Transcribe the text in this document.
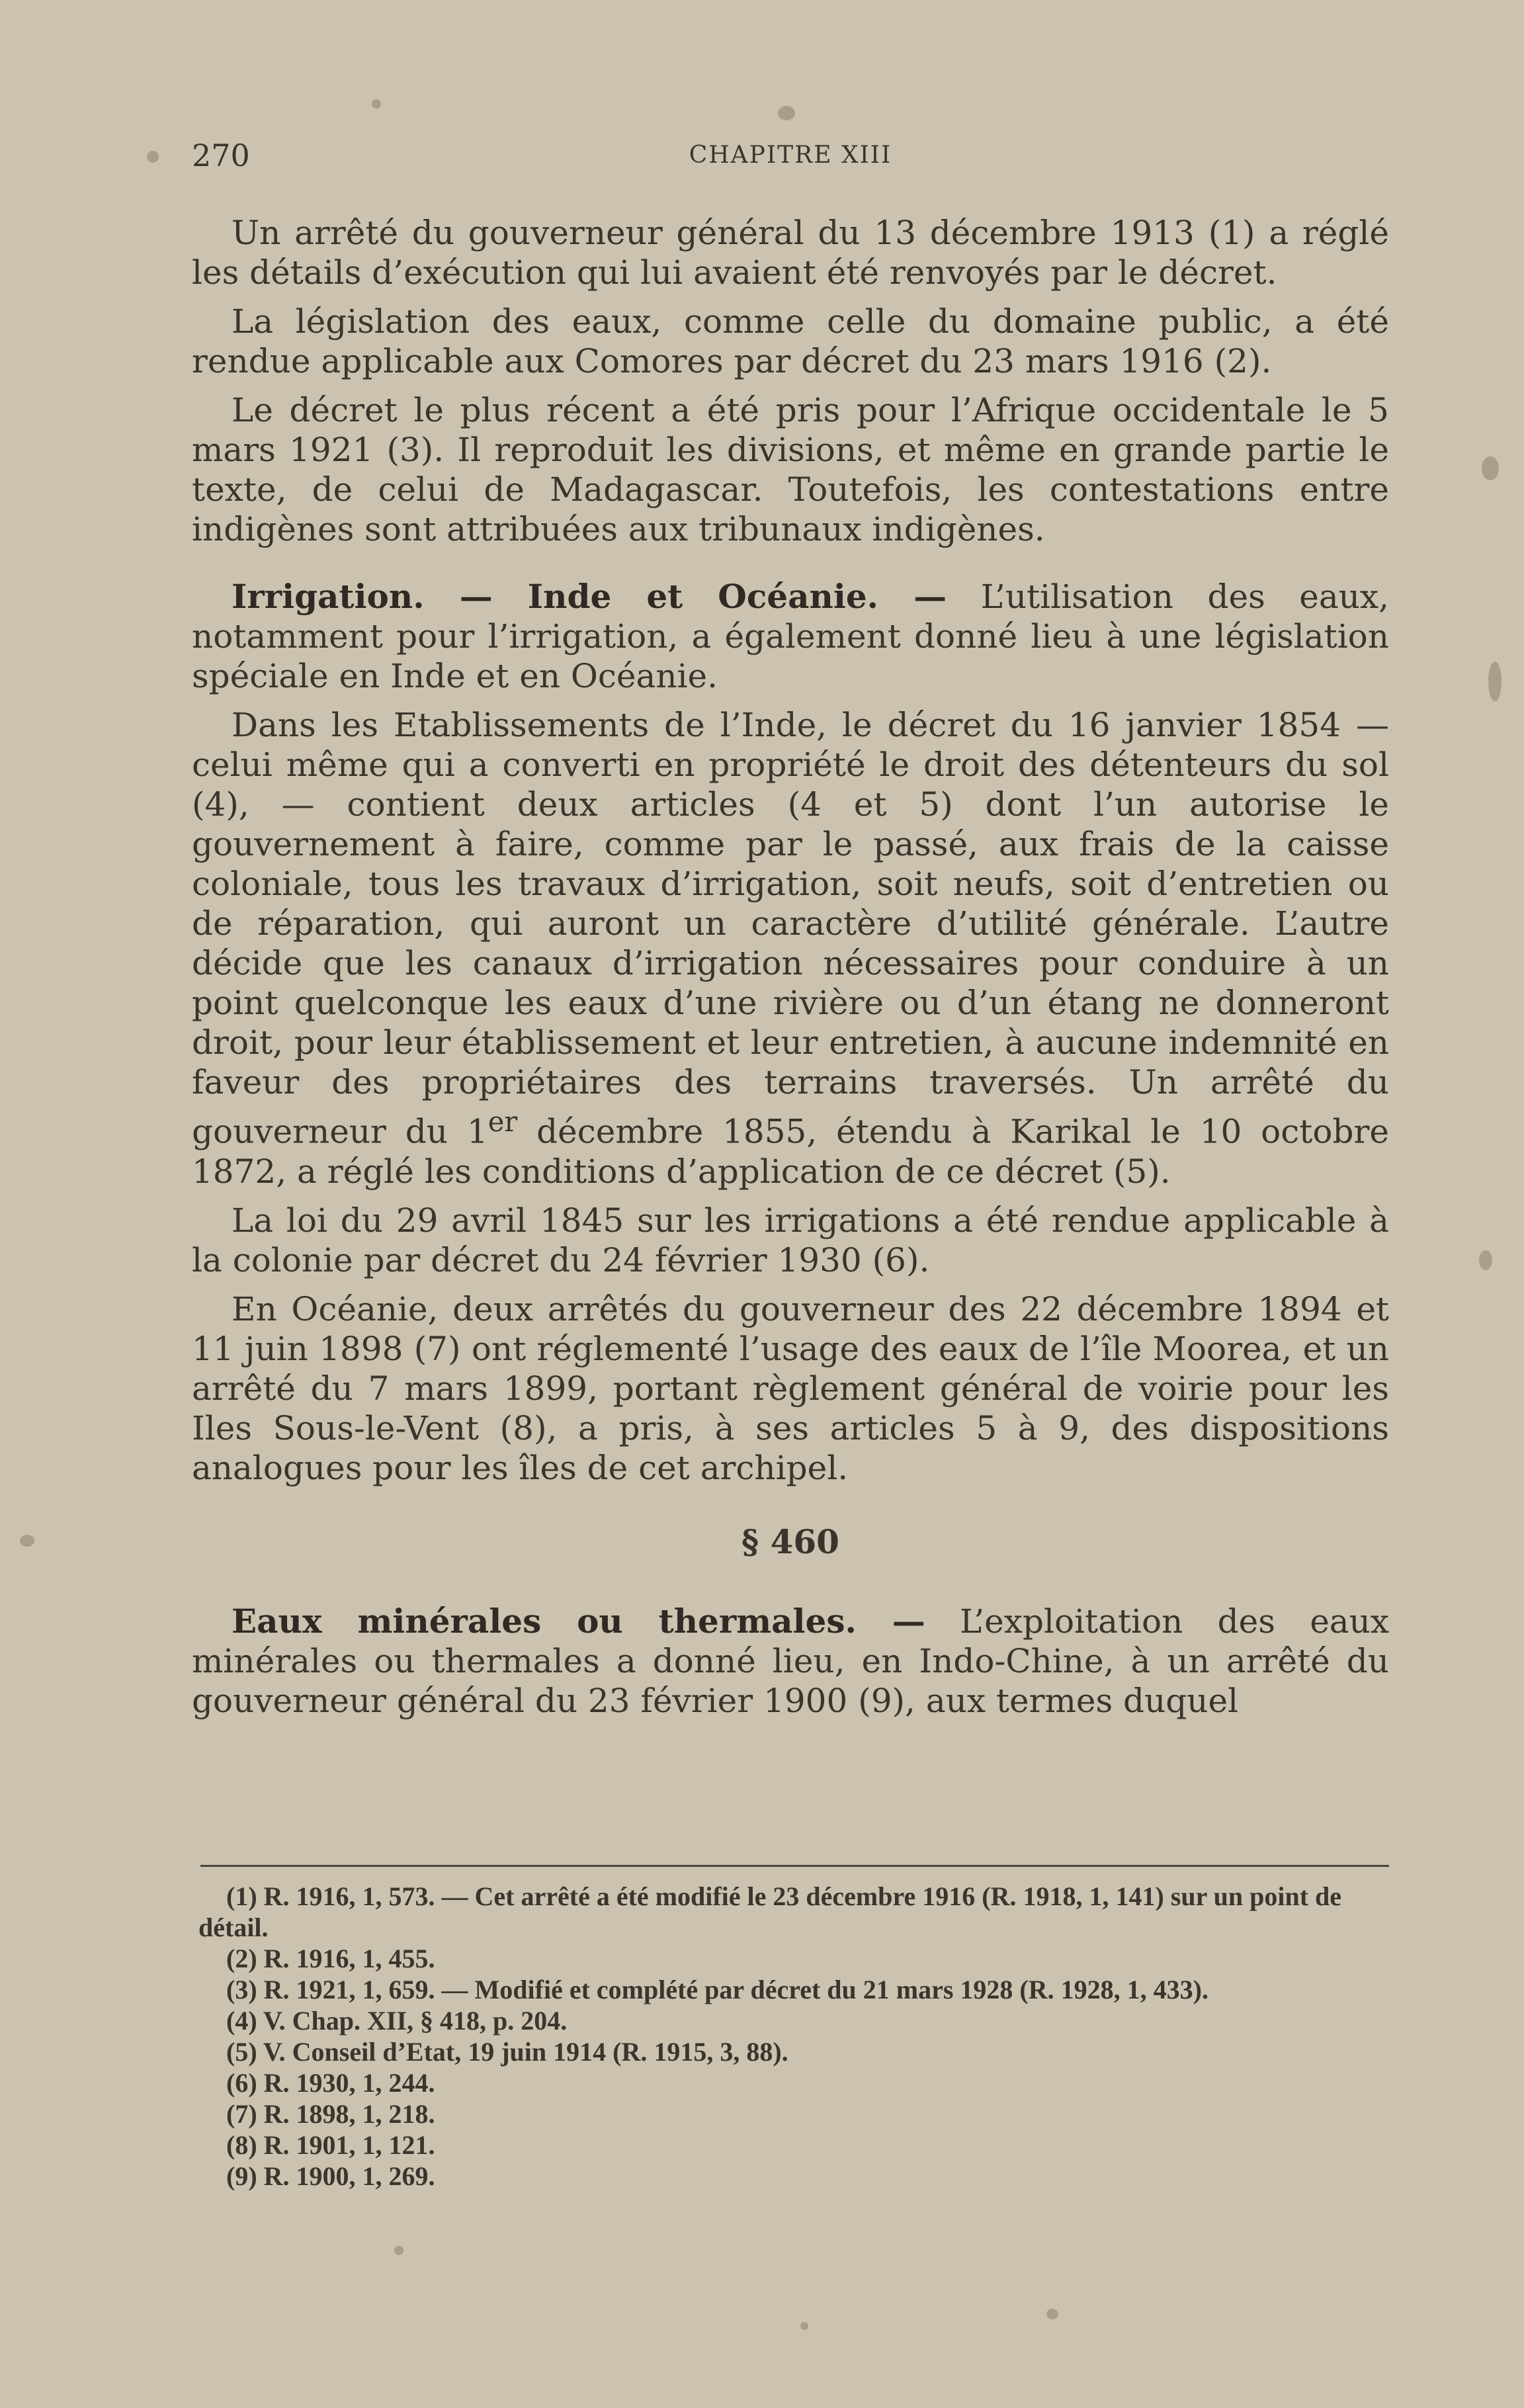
270	CHAPITRE XIII

Un arrêté du gouverneur général du 13 décembre 1913 (1) a réglé les détails d’exécution qui lui avaient été renvoyés par le décret.

La législation des eaux, comme celle du domaine public, a été rendue applicable aux Comores par décret du 23 mars 1916 (2).

Le décret le plus récent a été pris pour l’Afrique occidentale le 5 mars 1921 (3). Il reproduit les divisions, et même en grande partie le texte, de celui de Madagascar. Toutefois, les contestations entre indigènes sont attribuées aux tribunaux indigènes.

Irrigation. — Inde et Océanie. — L’utilisation des eaux, notamment pour l’irrigation, a également donné lieu à une législation spéciale en Inde et en Océanie.

Dans les Etablissements de l’Inde, le décret du 16 janvier 1854 — celui même qui a converti en propriété le droit des détenteurs du sol (4), — contient deux articles (4 et 5) dont l’un autorise le gouvernement à faire, comme par le passé, aux frais de la caisse coloniale, tous les travaux d’irrigation, soit neufs, soit d’entretien ou de réparation, qui auront un caractère d’utilité générale. L’autre décide que les canaux d’irrigation nécessaires pour conduire à un point quelconque les eaux d’une rivière ou d’un étang ne donneront droit, pour leur établissement et leur entretien, à aucune indemnité en faveur des propriétaires des terrains traversés. Un arrêté du gouverneur du 1er décembre 1855, étendu à Karikal le 10 octobre 1872, a réglé les conditions d’application de ce décret (5).

La loi du 29 avril 1845 sur les irrigations a été rendue applicable à la colonie par décret du 24 février 1930 (6).

En Océanie, deux arrêtés du gouverneur des 22 décembre 1894 et 11 juin 1898 (7) ont réglementé l’usage des eaux de l’île Moorea, et un arrêté du 7 mars 1899, portant règlement général de voirie pour les Iles Sous-le-Vent (8), a pris, à ses articles 5 à 9, des dispositions analogues pour les îles de cet archipel.

§ 460

Eaux minérales ou thermales. — L’exploitation des eaux minérales ou thermales a donné lieu, en Indo-Chine, à un arrêté du gouverneur général du 23 février 1900 (9), aux termes duquel

(1) R. 1916, 1, 573. — Cet arrêté a été modifié le 23 décembre 1916 (R. 1918, 1, 141) sur un point de détail.
(2) R. 1916, 1, 455.
(3) R. 1921, 1, 659. — Modifié et complété par décret du 21 mars 1928 (R. 1928, 1, 433).
(4) V. Chap. XII, § 418, p. 204.
(5) V. Conseil d’Etat, 19 juin 1914 (R. 1915, 3, 88).
(6) R. 1930, 1, 244.
(7) R. 1898, 1, 218.
(8) R. 1901, 1, 121.
(9) R. 1900, 1, 269.
